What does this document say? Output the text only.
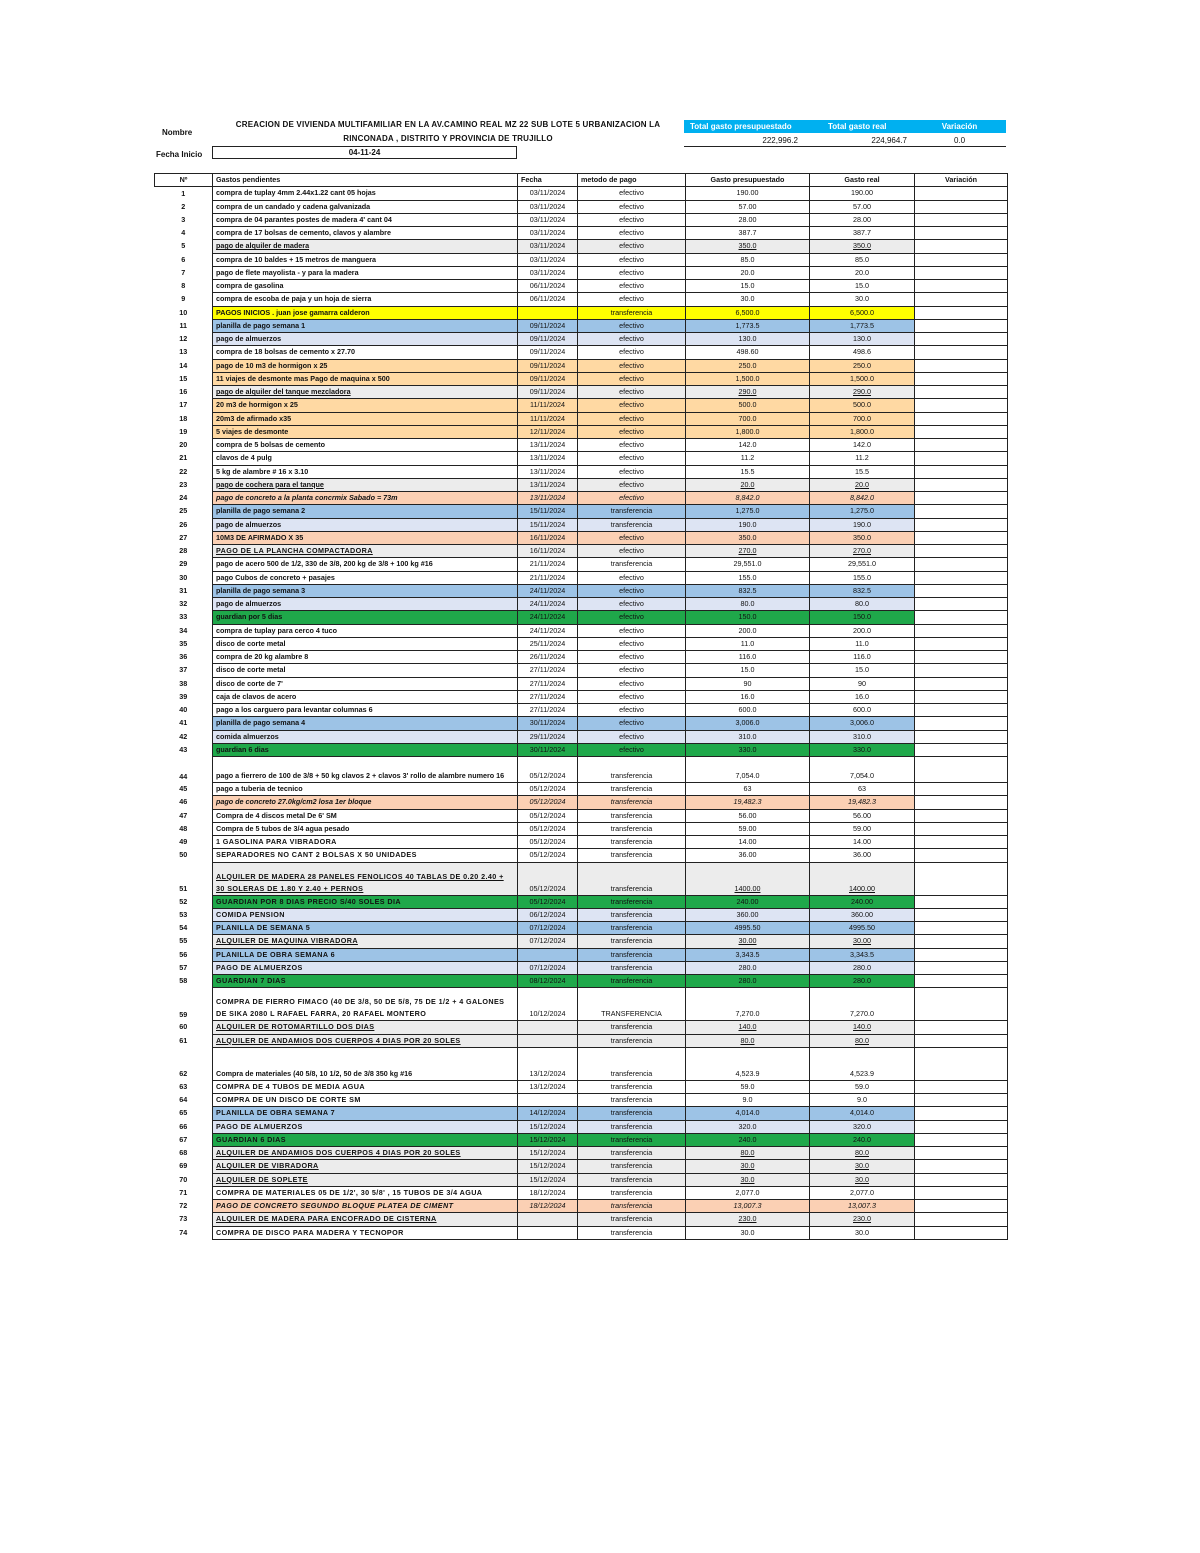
Nombre
Fecha Inicio
CREACION DE VIVIENDA MULTIFAMILIAR EN LA AV.CAMINO REAL MZ 22 SUB LOTE 5 URBANIZACION LA
RINCONADA , DISTRITO Y PROVINCIA DE TRUJILLO
04-11-24
Total gasto presupuestado	Total gasto real	Variación
222,996.2	224,964.7	0.0
Nº	Gastos pendientes	Fecha	metodo de pago	Gasto presupuestado	Gasto real	Variación
1	compra de tuplay 4mm 2.44x1.22 cant 05 hojas	03/11/2024	efectivo	190.00	190.00	
2	compra de un candado y cadena galvanizada	03/11/2024	efectivo	57.00	57.00	
3	compra de 04 parantes postes de madera 4' cant 04	03/11/2024	efectivo	28.00	28.00	
4	compra de 17 bolsas de cemento, clavos y alambre	03/11/2024	efectivo	387.7	387.7	
5	pago de alquiler de madera	03/11/2024	efectivo	350.0	350.0	
6	compra de 10 baldes + 15 metros de manguera	03/11/2024	efectivo	85.0	85.0	
7	pago de flete mayolista - y para la madera	03/11/2024	efectivo	20.0	20.0	
8	compra de gasolina	06/11/2024	efectivo	15.0	15.0	
9	compra de escoba de paja y un hoja de sierra	06/11/2024	efectivo	30.0	30.0	
10	PAGOS INICIOS . juan jose gamarra calderon		transferencia	6,500.0	6,500.0	
11	planilla de pago semana 1	09/11/2024	efectivo	1,773.5	1,773.5	
12	pago de almuerzos	09/11/2024	efectivo	130.0	130.0	
13	compra de 18 bolsas de cemento x 27.70	09/11/2024	efectivo	498.60	498.6	
14	pago de 10 m3 de hormigon x 25	09/11/2024	efectivo	250.0	250.0	
15	11 viajes de desmonte mas Pago de maquina x 500	09/11/2024	efectivo	1,500.0	1,500.0	
16	pago de alquiler del tanque mezcladora	09/11/2024	efectivo	290.0	290.0	
17	20 m3 de hormigon x 25	11/11/2024	efectivo	500.0	500.0	
18	20m3 de afirmado x35	11/11/2024	efectivo	700.0	700.0	
19	5 viajes de desmonte	12/11/2024	efectivo	1,800.0	1,800.0	
20	compra de 5 bolsas de cemento	13/11/2024	efectivo	142.0	142.0	
21	clavos de 4 pulg	13/11/2024	efectivo	11.2	11.2	
22	5 kg de alambre # 16 x 3.10	13/11/2024	efectivo	15.5	15.5	
23	pago de cochera para el tanque	13/11/2024	efectivo	20.0	20.0	
24	pago de concreto a la planta concrmix Sabado = 73m	13/11/2024	efectivo	8,842.0	8,842.0	
25	planilla de pago semana 2	15/11/2024	transferencia	1,275.0	1,275.0	
26	pago de almuerzos	15/11/2024	transferencia	190.0	190.0	
27	10M3 DE AFIRMADO X 35	16/11/2024	efectivo	350.0	350.0	
28	PAGO DE LA PLANCHA COMPACTADORA	16/11/2024	efectivo	270.0	270.0	
29	pago de acero 500 de 1/2, 330 de 3/8, 200 kg de 3/8 + 100 kg #16	21/11/2024	transferencia	29,551.0	29,551.0	
30	pago Cubos de concreto + pasajes	21/11/2024	efectivo	155.0	155.0	
31	planilla de pago semana 3	24/11/2024	efectivo	832.5	832.5	
32	pago de almuerzos	24/11/2024	efectivo	80.0	80.0	
33	guardian por 5 dias	24/11/2024	efectivo	150.0	150.0	
34	compra de tuplay para cerco 4 tuco	24/11/2024	efectivo	200.0	200.0	
35	disco de corte metal	25/11/2024	efectivo	11.0	11.0	
36	compra de 20 kg alambre 8	26/11/2024	efectivo	116.0	116.0	
37	disco de corte metal	27/11/2024	efectivo	15.0	15.0	
38	disco de corte de 7'	27/11/2024	efectivo	90	90	
39	caja de clavos de acero	27/11/2024	efectivo	16.0	16.0	
40	pago a los carguero para levantar columnas 6	27/11/2024	efectivo	600.0	600.0	
41	planilla de pago semana 4	30/11/2024	efectivo	3,006.0	3,006.0	
42	comida almuerzos	29/11/2024	efectivo	310.0	310.0	
43	guardian 6 dias	30/11/2024	efectivo	330.0	330.0	
44	pago a fierrero de 100 de 3/8 + 50 kg clavos 2 + clavos 3' rollo de alambre numero 16	05/12/2024	transferencia	7,054.0	7,054.0	
45	pago a tuberia de tecnico	05/12/2024	transferencia	63	63	
46	pago de concreto 27.0kg/cm2 losa 1er bloque	05/12/2024	transferencia	19,482.3	19,482.3	
47	Compra de 4 discos metal De 6' SM	05/12/2024	transferencia	56.00	56.00	
48	Compra de 5 tubos de 3/4 agua pesado	05/12/2024	transferencia	59.00	59.00	
49	1 GASOLINA PARA VIBRADORA	05/12/2024	transferencia	14.00	14.00	
50	SEPARADORES NO CANT 2 BOLSAS X 50 UNIDADES	05/12/2024	transferencia	36.00	36.00	
51	ALQUILER DE MADERA 28 PANELES FENOLICOS 40 TABLAS DE 0.20 2.40 + 30 SOLERAS DE 1.80 Y 2.40 + PERNOS	05/12/2024	transferencia	1400.00	1400.00	
52	GUARDIAN POR 8 DIAS PRECIO S/40 SOLES DIA	05/12/2024	transferencia	240.00	240.00	
53	COMIDA PENSION	06/12/2024	transferencia	360.00	360.00	
54	PLANILLA DE SEMANA 5	07/12/2024	transferencia	4995.50	4995.50	
55	ALQUILER DE MAQUINA VIBRADORA	07/12/2024	transferencia	30.00	30.00	
56	PLANILLA DE OBRA SEMANA 6		transferencia	3,343.5	3,343.5	
57	PAGO DE ALMUERZOS	07/12/2024	transferencia	280.0	280.0	
58	GUARDIAN 7 DIAS	08/12/2024	transferencia	280.0	280.0	
59	COMPRA DE FIERRO FIMACO (40 DE 3/8, 50 DE 5/8, 75 DE 1/2 + 4 GALONES DE SIKA 2080 L RAFAEL FARRA, 20 RAFAEL MONTERO	10/12/2024	TRANSFERENCIA	7,270.0	7,270.0	
60	ALQUILER DE ROTOMARTILLO DOS DIAS		transferencia	140.0	140.0	
61	ALQUILER DE ANDAMIOS DOS CUERPOS 4 DIAS POR 20 SOLES		transferencia	80.0	80.0	
62	Compra de materiales (40 5/8, 10 1/2, 50 de 3/8 350 kg #16	13/12/2024	transferencia	4,523.9	4,523.9	
63	COMPRA DE 4 TUBOS DE MEDIA AGUA	13/12/2024	transferencia	59.0	59.0	
64	COMPRA DE UN DISCO DE CORTE SM		transferencia	9.0	9.0	
65	PLANILLA DE OBRA SEMANA 7	14/12/2024	transferencia	4,014.0	4,014.0	
66	PAGO DE ALMUERZOS	15/12/2024	transferencia	320.0	320.0	
67	GUARDIAN 6 DIAS	15/12/2024	transferencia	240.0	240.0	
68	ALQUILER DE ANDAMIOS DOS CUERPOS 4 DIAS POR 20 SOLES	15/12/2024	transferencia	80.0	80.0	
69	ALQUILER DE VIBRADORA	15/12/2024	transferencia	30.0	30.0	
70	ALQUILER DE SOPLETE	15/12/2024	transferencia	30.0	30.0	
71	COMPRA DE MATERIALES 05 DE 1/2', 30 5/8' , 15 TUBOS DE 3/4 AGUA	18/12/2024	transferencia	2,077.0	2,077.0	
72	PAGO DE CONCRETO SEGUNDO BLOQUE PLATEA DE CIMENT	18/12/2024	transferencia	13,007.3	13,007.3	
73	ALQUILER DE MADERA PARA ENCOFRADO DE CISTERNA		transferencia	230.0	230.0	
74	COMPRA DE DISCO PARA MADERA Y TECNOPOR		transferencia	30.0	30.0	
